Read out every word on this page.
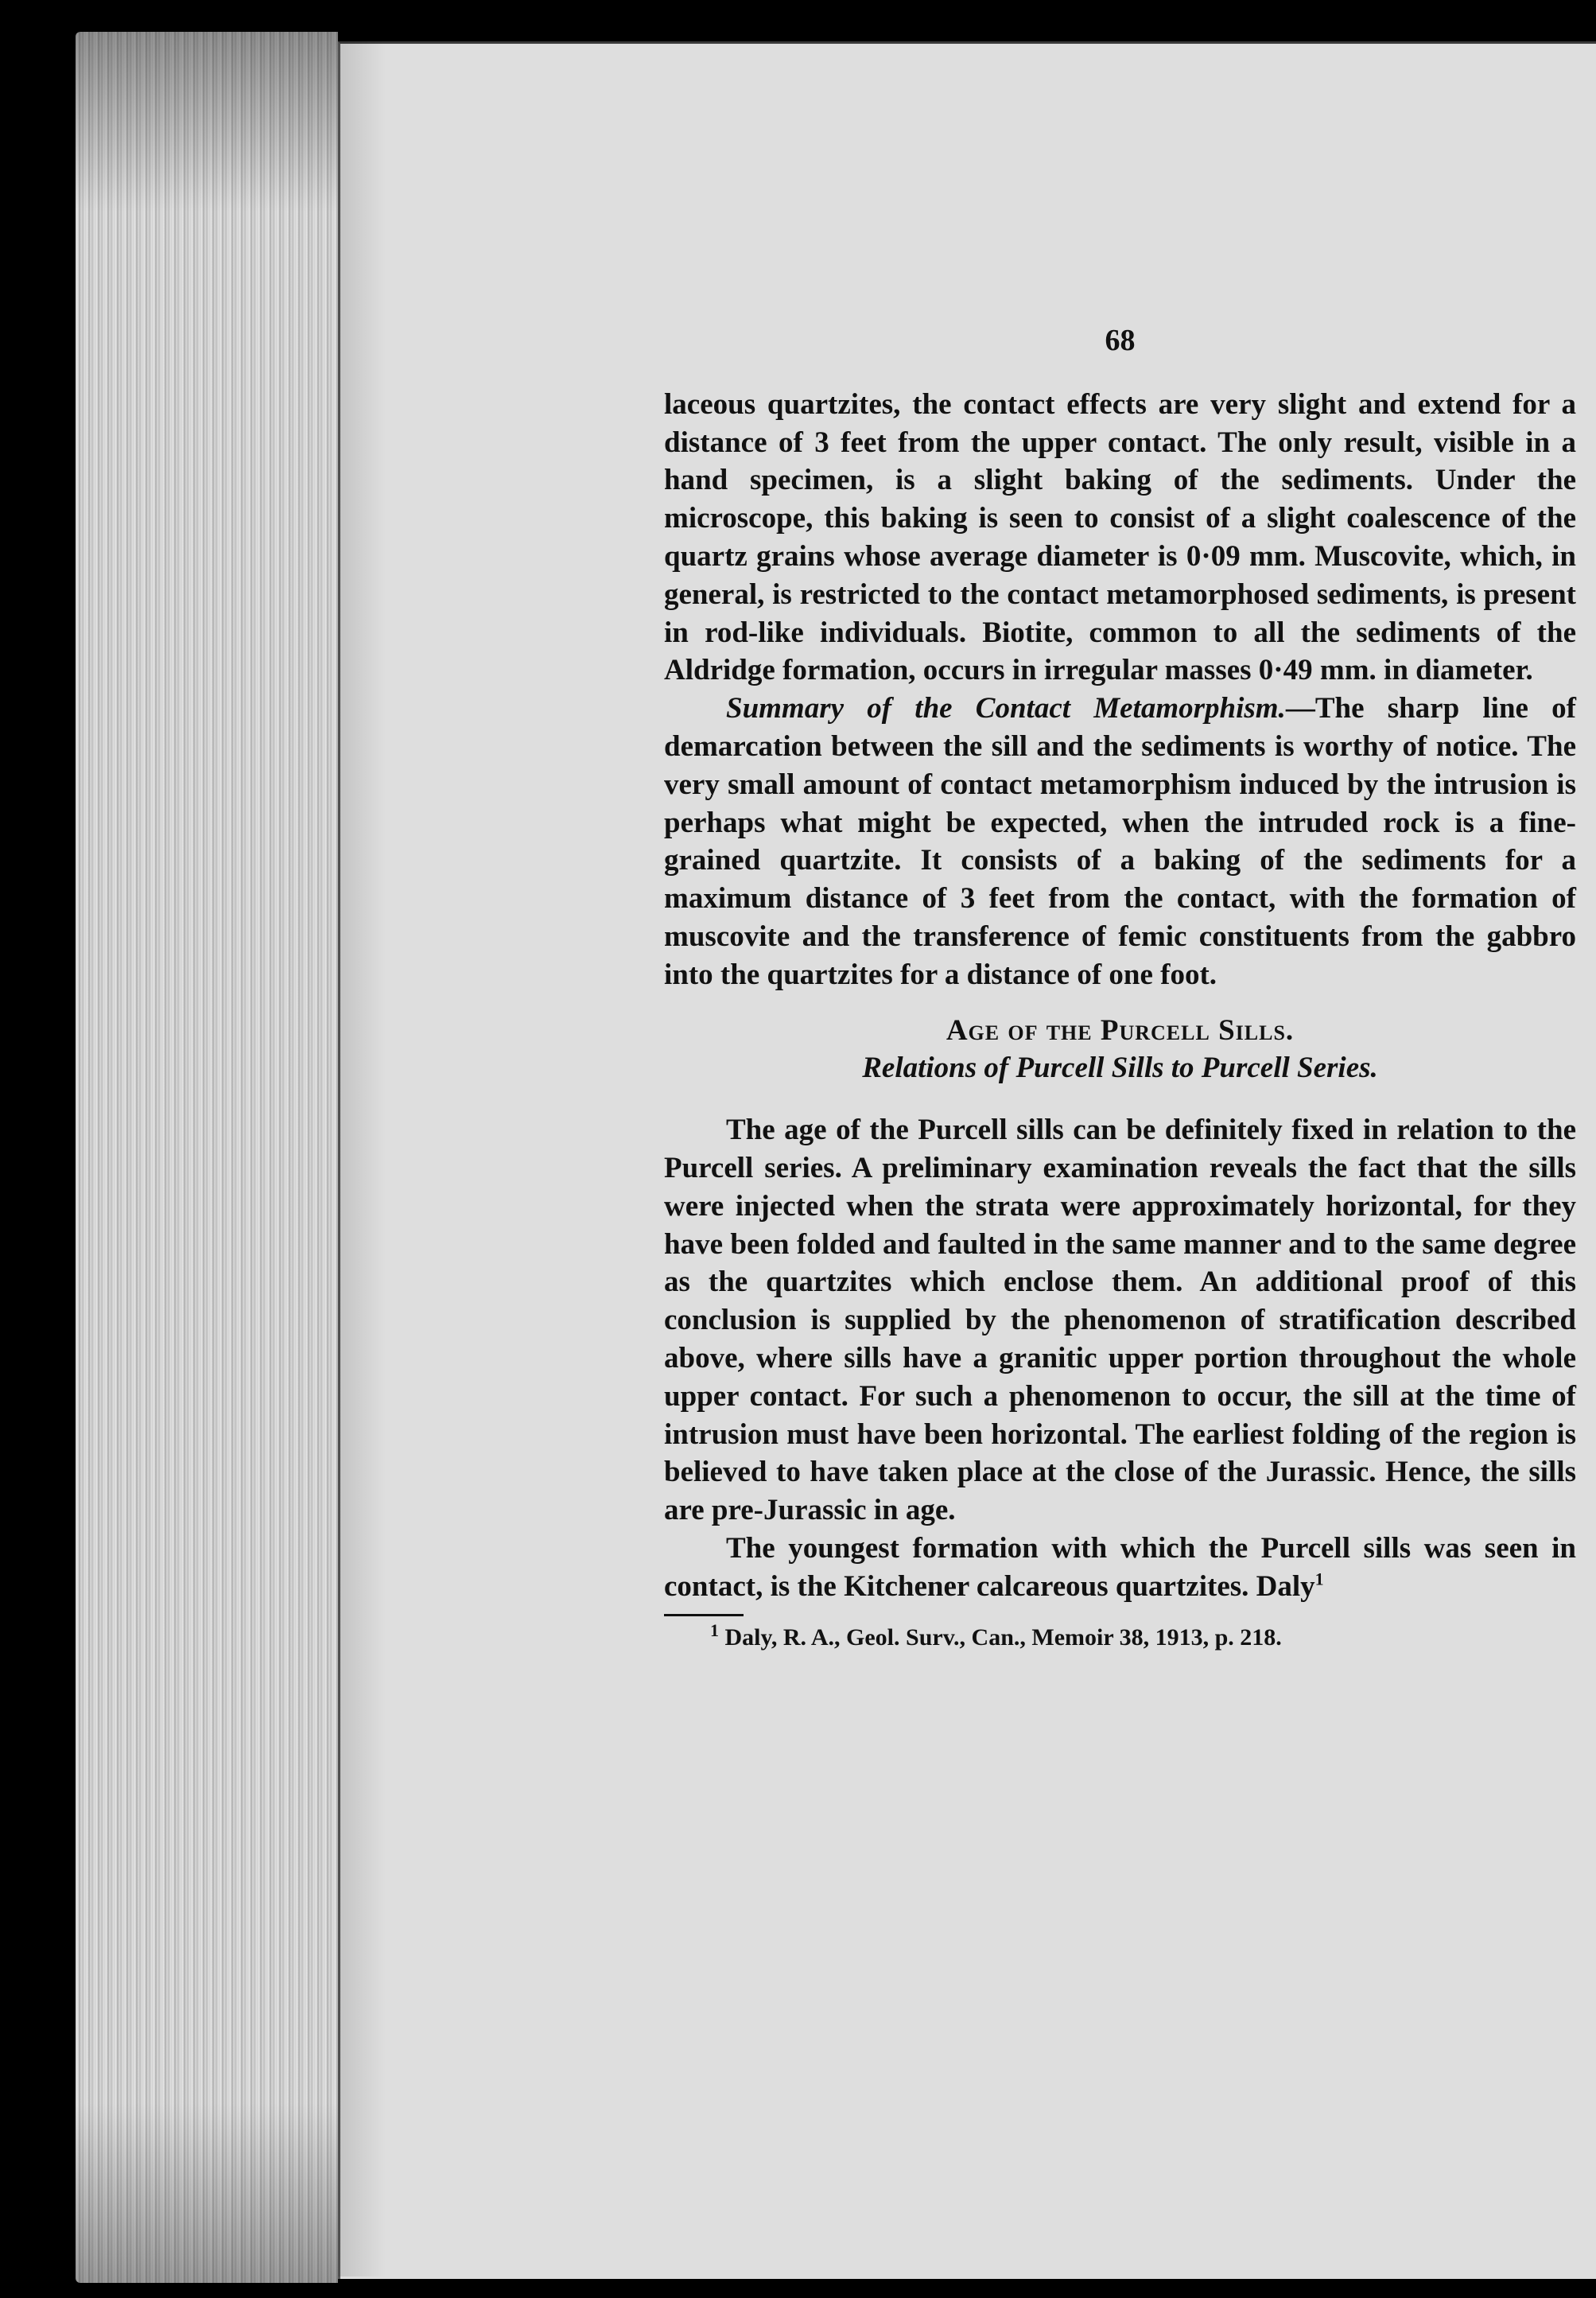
68

laceous quartzites, the contact effects are very slight and extend for a distance of 3 feet from the upper contact. The only result, visible in a hand specimen, is a slight baking of the sediments. Under the microscope, this baking is seen to consist of a slight coalescence of the quartz grains whose average diameter is 0·09 mm. Muscovite, which, in general, is restricted to the contact metamorphosed sediments, is present in rod-like individuals. Biotite, common to all the sediments of the Aldridge formation, occurs in irregular masses 0·49 mm. in diameter.

Summary of the Contact Metamorphism.—The sharp line of demarcation between the sill and the sediments is worthy of notice. The very small amount of contact metamorphism induced by the intrusion is perhaps what might be expected, when the intruded rock is a fine-grained quartzite. It consists of a baking of the sediments for a maximum distance of 3 feet from the contact, with the formation of muscovite and the transference of femic constituents from the gabbro into the quartzites for a distance of one foot.

Age of the Purcell Sills.

Relations of Purcell Sills to Purcell Series.

The age of the Purcell sills can be definitely fixed in relation to the Purcell series. A preliminary examination reveals the fact that the sills were injected when the strata were approximately horizontal, for they have been folded and faulted in the same manner and to the same degree as the quartzites which enclose them. An additional proof of this conclusion is supplied by the phenomenon of stratification described above, where sills have a granitic upper portion throughout the whole upper contact. For such a phenomenon to occur, the sill at the time of intrusion must have been horizontal. The earliest folding of the region is believed to have taken place at the close of the Jurassic. Hence, the sills are pre-Jurassic in age.

The youngest formation with which the Purcell sills was seen in contact, is the Kitchener calcareous quartzites. Daly$^1$

$^1$ Daly, R. A., Geol. Surv., Can., Memoir 38, 1913, p. 218.
